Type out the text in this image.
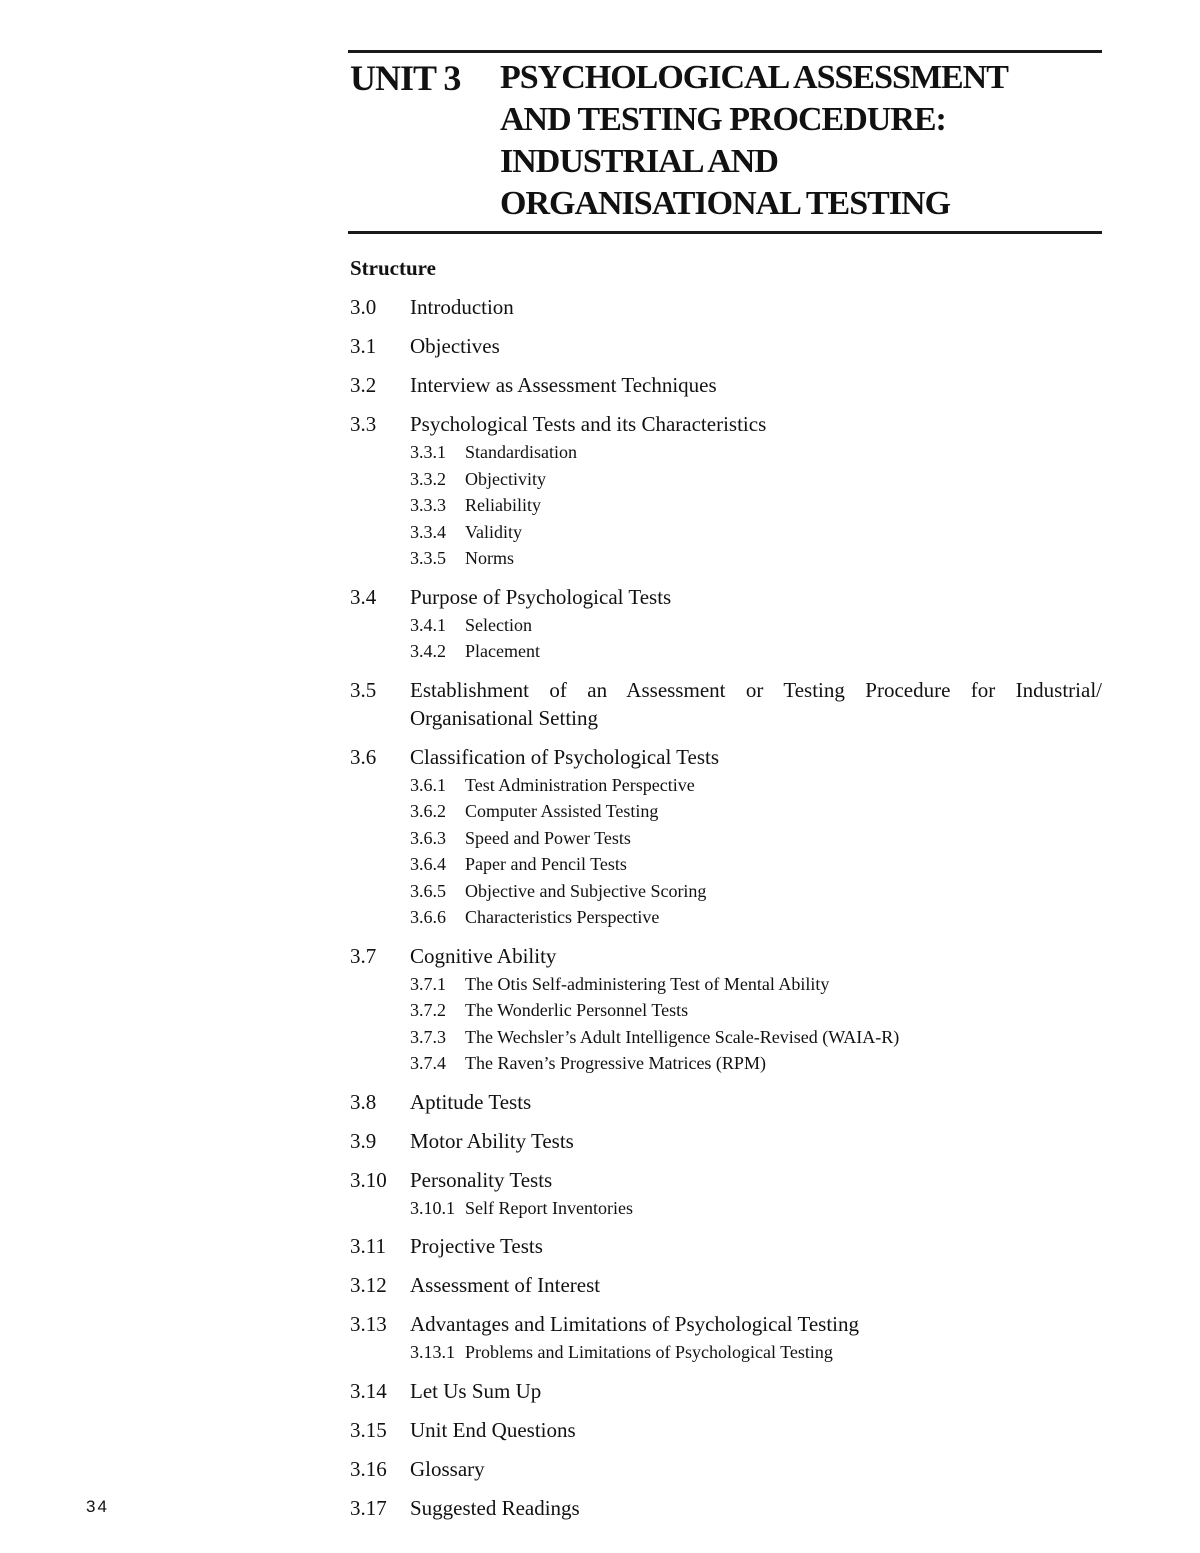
UNIT 3	PSYCHOLOGICAL ASSESSMENT
AND TESTING PROCEDURE:
INDUSTRIAL AND
ORGANISATIONAL TESTING
Structure
3.0	Introduction
3.1	Objectives
3.2	Interview as Assessment Techniques
3.3	Psychological Tests and its Characteristics
3.3.1	Standardisation
3.3.2	Objectivity
3.3.3	Reliability
3.3.4	Validity
3.3.5	Norms
3.4	Purpose of Psychological Tests
3.4.1	Selection
3.4.2	Placement
3.5	Establishment of an Assessment or Testing Procedure for Industrial/ Organisational Setting
3.6	Classification of Psychological Tests
3.6.1	Test Administration Perspective
3.6.2	Computer Assisted Testing
3.6.3	Speed and Power Tests
3.6.4	Paper and Pencil Tests
3.6.5	Objective and Subjective Scoring
3.6.6	Characteristics Perspective
3.7	Cognitive Ability
3.7.1	The Otis Self-administering Test of Mental Ability
3.7.2	The Wonderlic Personnel Tests
3.7.3	The Wechsler’s Adult Intelligence Scale-Revised (WAIA-R)
3.7.4	The Raven’s Progressive Matrices (RPM)
3.8	Aptitude Tests
3.9	Motor Ability Tests
3.10	Personality Tests
3.10.1 Self Report Inventories
3.11	Projective Tests
3.12	Assessment of Interest
3.13	Advantages and Limitations of Psychological Testing
3.13.1 Problems and Limitations of Psychological Testing
3.14	Let Us Sum Up
3.15	Unit End Questions
3.16	Glossary
3.17	Suggested Readings
34
